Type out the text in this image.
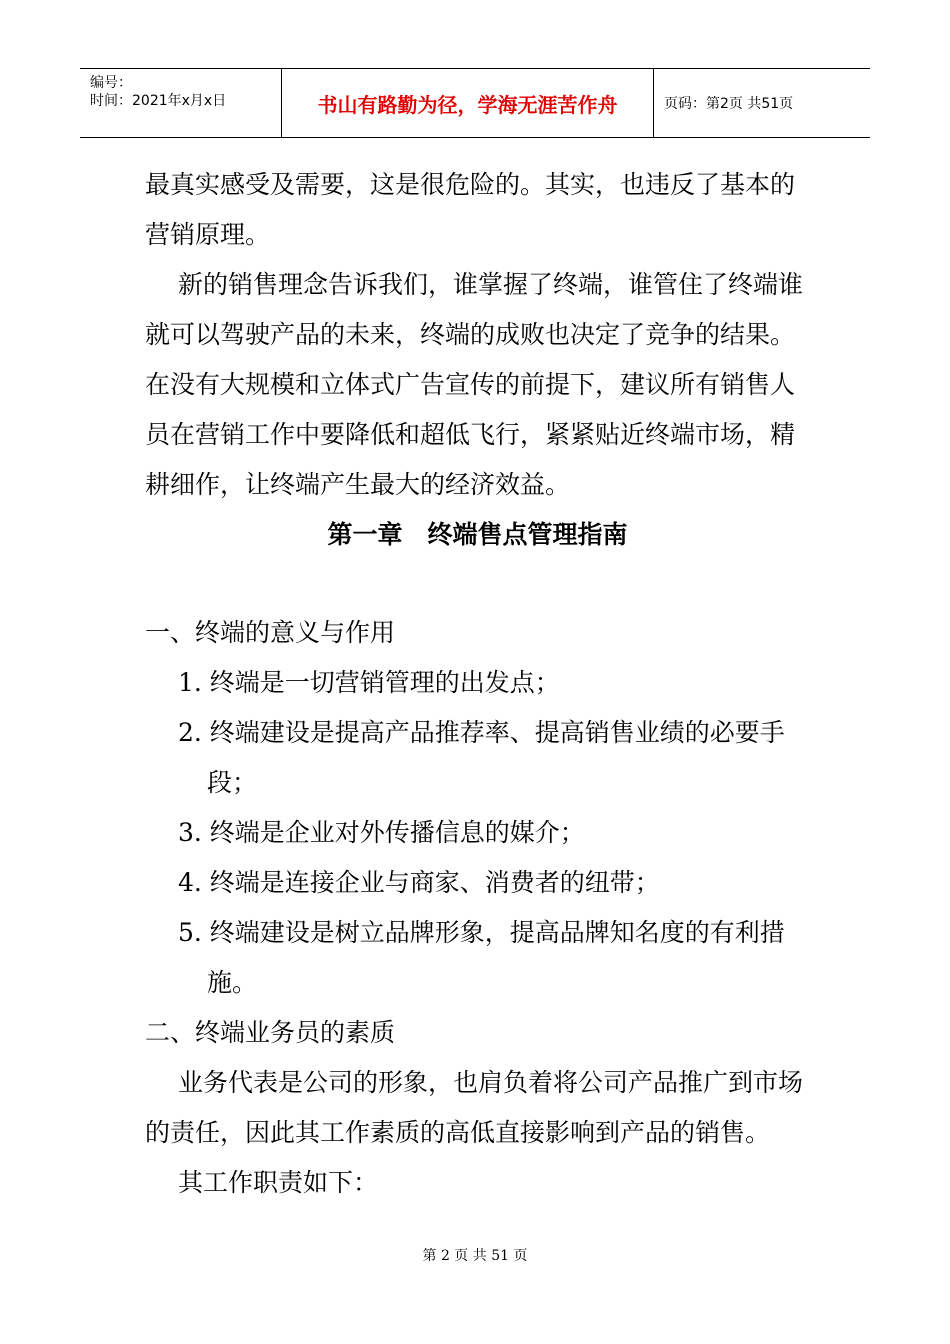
编号：
时间：2021年x月x日	书山有路勤为径，学海无涯苦作舟	页码：第2页 共51页

最真实感受及需要，这是很危险的。其实，也违反了基本的营销原理。

新的销售理念告诉我们，谁掌握了终端，谁管住了终端谁就可以驾驶产品的未来，终端的成败也决定了竞争的结果。在没有大规模和立体式广告宣传的前提下，建议所有销售人员在营销工作中要降低和超低飞行，紧紧贴近终端市场，精耕细作，让终端产生最大的经济效益。

第一章　终端售点管理指南

一、终端的意义与作用

1. 终端是一切营销管理的出发点；

2. 终端建设是提高产品推荐率、提高销售业绩的必要手段；

3. 终端是企业对外传播信息的媒介；

4. 终端是连接企业与商家、消费者的纽带；

5. 终端建设是树立品牌形象，提高品牌知名度的有利措施。

二、终端业务员的素质

业务代表是公司的形象，也肩负着将公司产品推广到市场的责任，因此其工作素质的高低直接影响到产品的销售。

其工作职责如下：

第 2 页 共 51 页
